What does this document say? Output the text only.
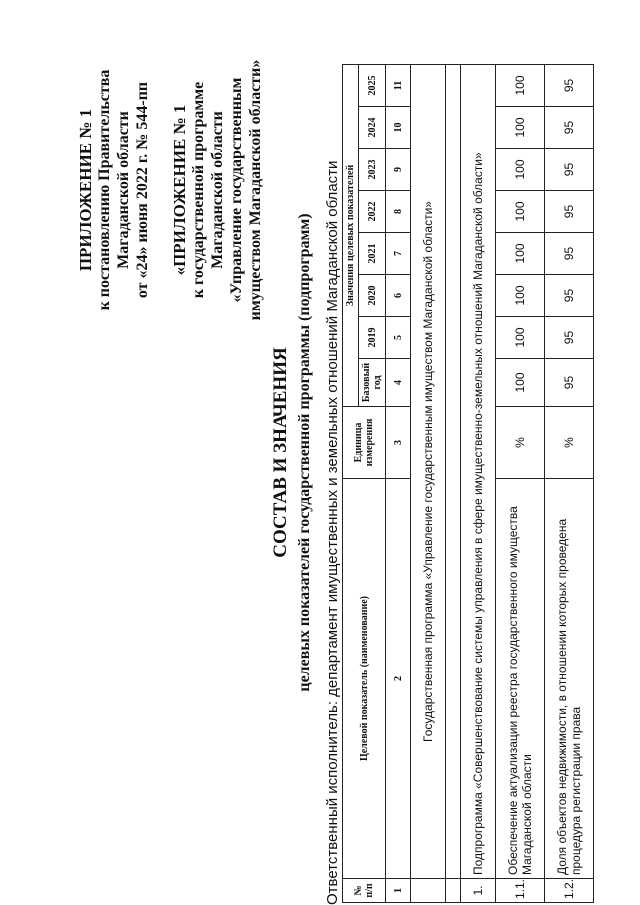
ПРИЛОЖЕНИЕ № 1 к постановлению Правительства Магаданской области от «24» июня 2022 г. № 544-пп «ПРИЛОЖЕНИЕ № 1 к государственной программе Магаданской области «Управление государственным имуществом Магаданской области»
СОСТАВ И ЗНАЧЕНИЯ целевых показателей государственной программы (подпрограмм) Ответственный исполнитель: департамент имущественных и земельных отношений Магаданской области № п/п	Целевой показатель (наименование)	Единица измерения	Значения целевых показателей							
			Базовый год	2019	2020	2021	2022	2023	2024	2025
1	2	3	4	5	6	7	8	9	10	11
	Государственная программа «Управление государственным имуществом Магаданской области»									

1.	Подпрограмма «Совершенствование системы управления в сфере имущественно-земельных отношений Магаданской области»									
1.1.	Обеспечение актуализации реестра государственного имущества Магаданской области	%	100	100	100	100	100	100	100	100
1.2.	Доля объектов недвижимости, в отношении которых проведена процедура регистрации права	%	95	95	95	95	95	95	95	95
